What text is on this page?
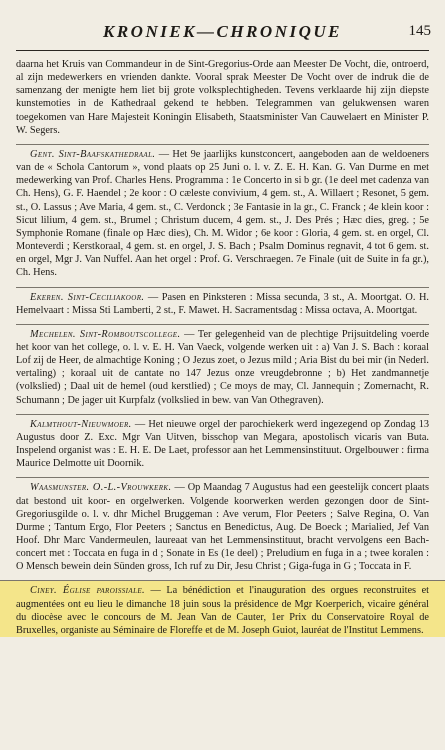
KRONIEK—CHRONIQUE	145

daarna het Kruis van Commandeur in de Sint-Gregorius-Orde aan Meester De Vocht, die, ontroerd, al zijn medewerkers en vrienden dankte. Vooral sprak Meester De Vocht over de indruk die de samenzang der menigte hem liet bij grote volksplechtigheden. Tevens verklaarde hij zijn diepste kunstemoties in de Kathedraal gekend te hebben. Telegrammen van gelukwensen waren toegekomen van Hare Majesteit Koningin Elisabeth, Staatsminister Van Cauwelaert en Minister P. W. Segers.

Gent. Sint-Baafskathedraal. — Het 9e jaarlijks kunstconcert, aangeboden aan de weldoeners van de « Schola Cantorum », vond plaats op 25 Juni o. l. v. Z. E. H. Kan. G. Van Durme en met medewerking van Prof. Charles Hens. Programma : 1e Concerto in si b gr. (1e deel met cadenza van Ch. Hens), G. F. Haendel ; 2e koor : O cæleste convivium, 4 gem. st., A. Willaert ; Resonet, 5 gem. st., O. Lassus ; Ave Maria, 4 gem. st., C. Verdonck ; 3e Fantasie in la gr., C. Franck ; 4e klein koor : Sicut lilium, 4 gem. st., Brumel ; Christum ducem, 4 gem. st., J. Des Prés ; Hæc dies, greg. ; 5e Symphonie Romane (finale op Hæc dies), Ch. M. Widor ; 6e koor : Gloria, 4 gem. st. en orgel, Cl. Monteverdi ; Kerstkoraal, 4 gem. st. en orgel, J. S. Bach ; Psalm Dominus regnavit, 4 tot 6 gem. st. en orgel, Mgr J. Van Nuffel. Aan het orgel : Prof. G. Verschraegen. 7e Finale (uit de Suite in fa gr.), Ch. Hens.

Ekeren. Sint-Ceciliakoor. — Pasen en Pinksteren : Missa secunda, 3 st., A. Moortgat. O. H. Hemelvaart : Missa Sti Lamberti, 2 st., F. Mawet. H. Sacramentsdag : Missa octava, A. Moortgat.

Mechelen. Sint-Romboutscollege. — Ter gelegenheid van de plechtige Prijsuitdeling voerde het koor van het college, o. l. v. E. H. Van Vaeck, volgende werken uit : a) Van J. S. Bach : koraal Lof zij de Heer, de almachtige Koning ; O Jezus zoet, o Jezus mild ; Aria Bist du bei mir (in Nederl. vertaling) ; koraal uit de cantate no 147 Jezus onze vreugdebronne ; b) Het zandmannetje (volkslied) ; Daal uit de hemel (oud kerstlied) ; Ce moys de may, Cl. Jannequin ; Zomernacht, R. Schumann ; De jager uit Kurpfalz (volkslied in bew. van Van Othegraven).

Kalmthout-Nieuwmoer. — Het nieuwe orgel der parochiekerk werd ingezegend op Zondag 13 Augustus door Z. Exc. Mgr Van Uitven, bisschop van Megara, apostolisch vicaris van Buta. Inspelend organist was : E. H. E. De Laet, professor aan het Lemmensinstituut. Orgelbouwer : firma Maurice Delmotte uit Doornik.

Waasmunster. O.-L.-Vrouwkerk. — Op Maandag 7 Augustus had een geestelijk concert plaats dat bestond uit koor- en orgelwerken. Volgende koorwerken werden gezongen door de Sint-Gregoriusgilde o. l. v. dhr Michel Bruggeman : Ave verum, Flor Peeters ; Salve Regina, O. Van Durme ; Tantum Ergo, Flor Peeters ; Sanctus en Benedictus, Aug. De Boeck ; Marialied, Jef Van Hoof. Dhr Marc Vandermeulen, laureaat van het Lemmensinstituut, bracht vervolgens een Bach-concert met : Toccata en fuga in d ; Sonate in Es (1e deel) ; Preludium en fuga in a ; twee koralen : O Mensch bewein dein Sünden gross, Ich ruf zu Dir, Jesu Christ ; Giga-fuga in G ; Toccata in F.

Ciney. Église paroissiale. — La bénédiction et l'inauguration des orgues reconstruites et augmentées ont eu lieu le dimanche 18 juin sous la présidence de Mgr Koerperich, vicaire général du diocèse avec le concours de M. Jean Van de Cauter, 1er Prix du Conservatoire Royal de Bruxelles, organiste au Séminaire de Floreffe et de M. Joseph Guiot, lauréat de l'Institut Lemmens.
